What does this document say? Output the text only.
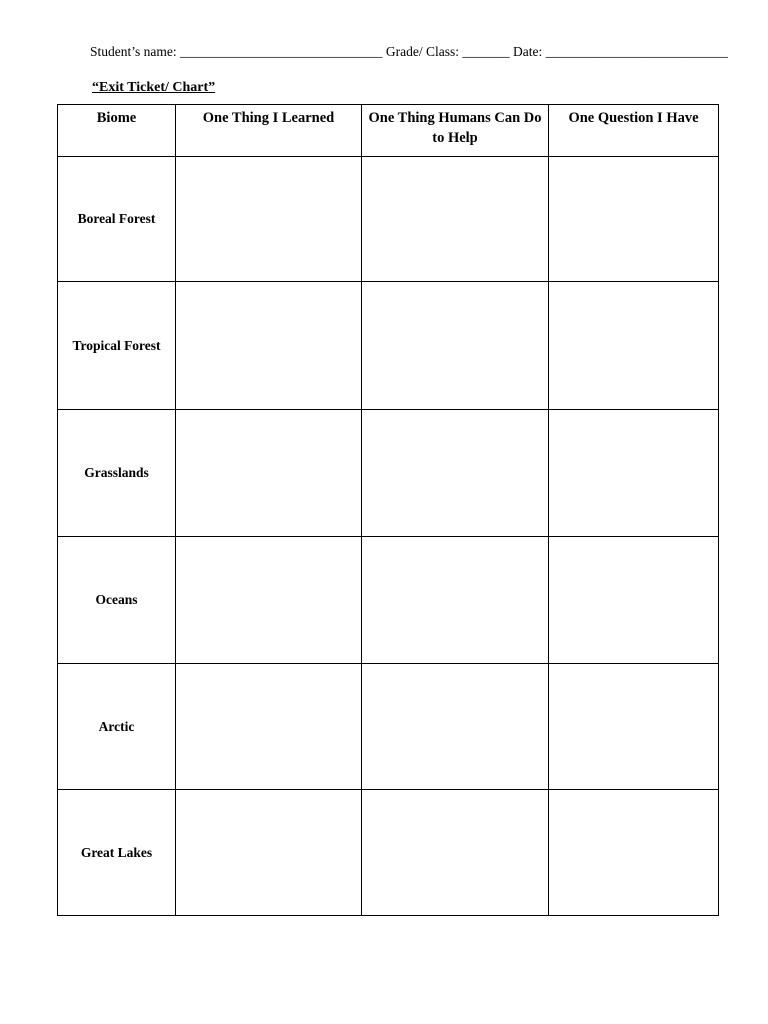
Student’s name: ______________________________ Grade/ Class: _______ Date: ___________________________
“Exit Ticket/ Chart”
Biome	One Thing I Learned	One Thing Humans Can Do to Help	One Question I Have
Boreal Forest			
Tropical Forest			
Grasslands			
Oceans			
Arctic			
Great Lakes			
